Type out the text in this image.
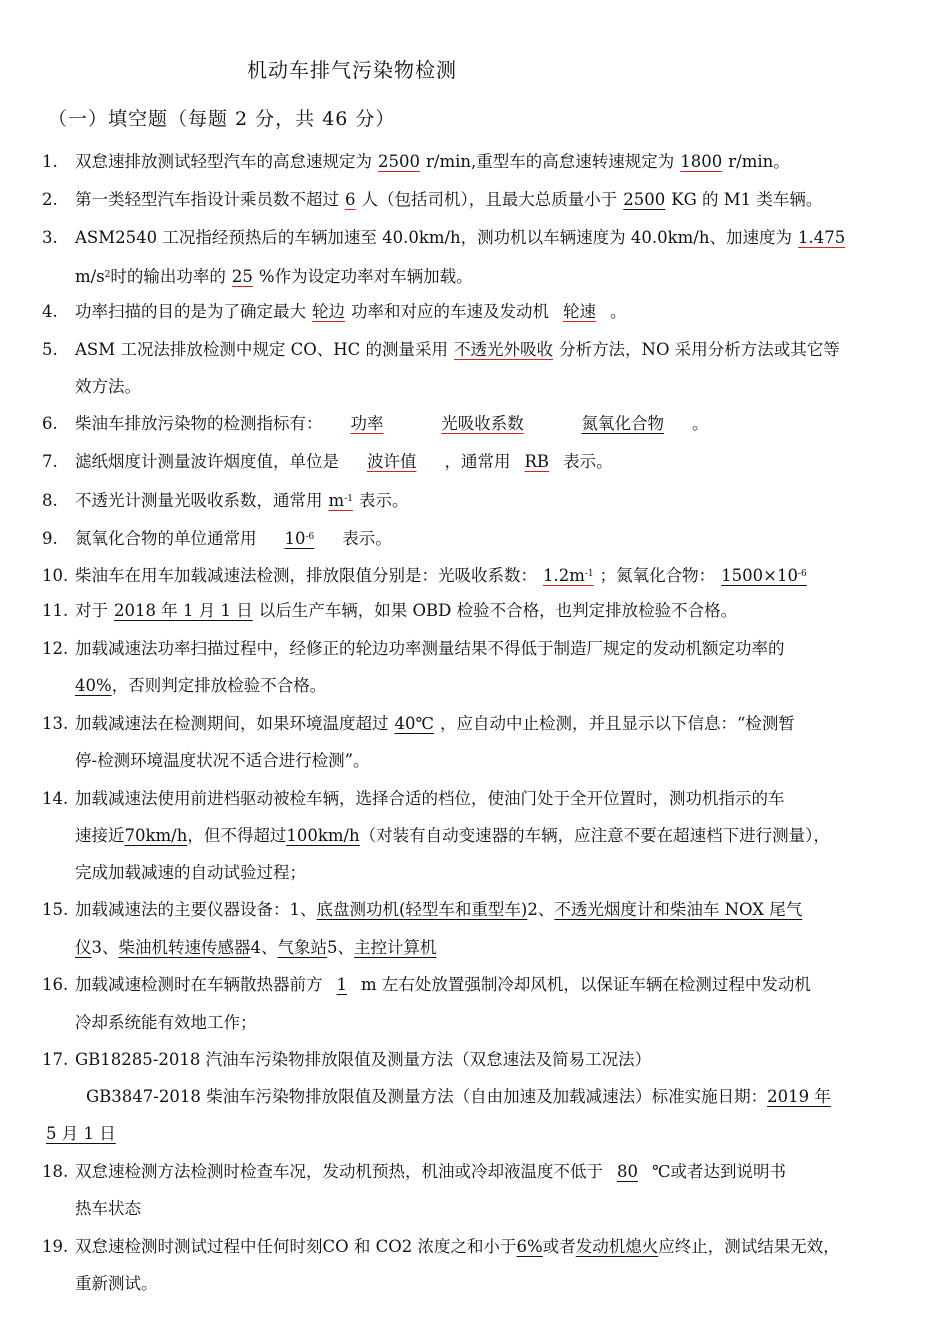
机动车排气污染物检测
（一）填空题（每题 2 分，共 46 分）
1. 双怠速排放测试轻型汽车的高怠速规定为 2500 r/min,重型车的高怠速转速规定为 1800 r/min。
2. 第一类轻型汽车指设计乘员数不超过 6 人（包括司机），且最大总质量小于 2500 KG 的 M1 类车辆。
3. ASM2540 工况指经预热后的车辆加速至 40.0km/h，测功机以车辆速度为 40.0km/h、加速度为 1.475
$m/s^2$时的输出功率的 25 %作为设定功率对车辆加载。
4. 功率扫描的目的是为了确定最大 轮边 功率和对应的车速及发动机 轮速 。
5. ASM 工况法排放检测中规定 CO、HC 的测量采用 不透光外吸收 分析方法，NO 采用分析方法或其它等
效方法。
6. 柴油车排放污染物的检测指标有： 功率	光吸收系数	氮氧化合物 。
7. 滤纸烟度计测量波许烟度值，单位是 波许值 ，通常用 RB 表示。
8. 不透光计测量光吸收系数，通常用 $m^{-1}$ 表示。
9. 氮氧化合物的单位通常用 $10^{-6}$ 表示。
10. 柴油车在用车加载减速法检测，排放限值分别是：光吸收系数： $1.2m^{-1}$ ；氮氧化合物： $1500\times 10^{-6}$
11. 对于 2018 年 1 月 1 日 以后生产车辆，如果 OBD 检验不合格，也判定排放检验不合格。
12. 加载减速法功率扫描过程中，经修正的轮边功率测量结果不得低于制造厂规定的发动机额定功率的
40%，否则判定排放检验不合格。
13. 加载减速法在检测期间，如果环境温度超过 40℃ ，应自动中止检测，并且显示以下信息：“检测暂
停-检测环境温度状况不适合进行检测”。
14. 加载减速法使用前进档驱动被检车辆，选择合适的档位，使油门处于全开位置时，测功机指示的车
速接近70km/h，但不得超过100km/h（对装有自动变速器的车辆，应注意不要在超速档下进行测量），
完成加载减速的自动试验过程；
15. 加载减速法的主要仪器设备：1、底盘测功机(轻型车和重型车)2、不透光烟度计和柴油车 NOX 尾气
仪3、柴油机转速传感器4、气象站5、主控计算机
16. 加载减速检测时在车辆散热器前方 1 m 左右处放置强制冷却风机，以保证车辆在检测过程中发动机
冷却系统能有效地工作；
17. GB18285-2018 汽油车污染物排放限值及测量方法（双怠速法及简易工况法）
GB3847-2018 柴油车污染物排放限值及测量方法（自由加速及加载减速法）标准实施日期：2019 年
5 月 1 日
18. 双怠速检测方法检测时检查车况，发动机预热，机油或冷却液温度不低于 80 ℃或者达到说明书
热车状态
19. 双怠速检测时测试过程中任何时刻CO 和 CO2 浓度之和小于6%或者发动机熄火应终止，测试结果无效，
重新测试。
